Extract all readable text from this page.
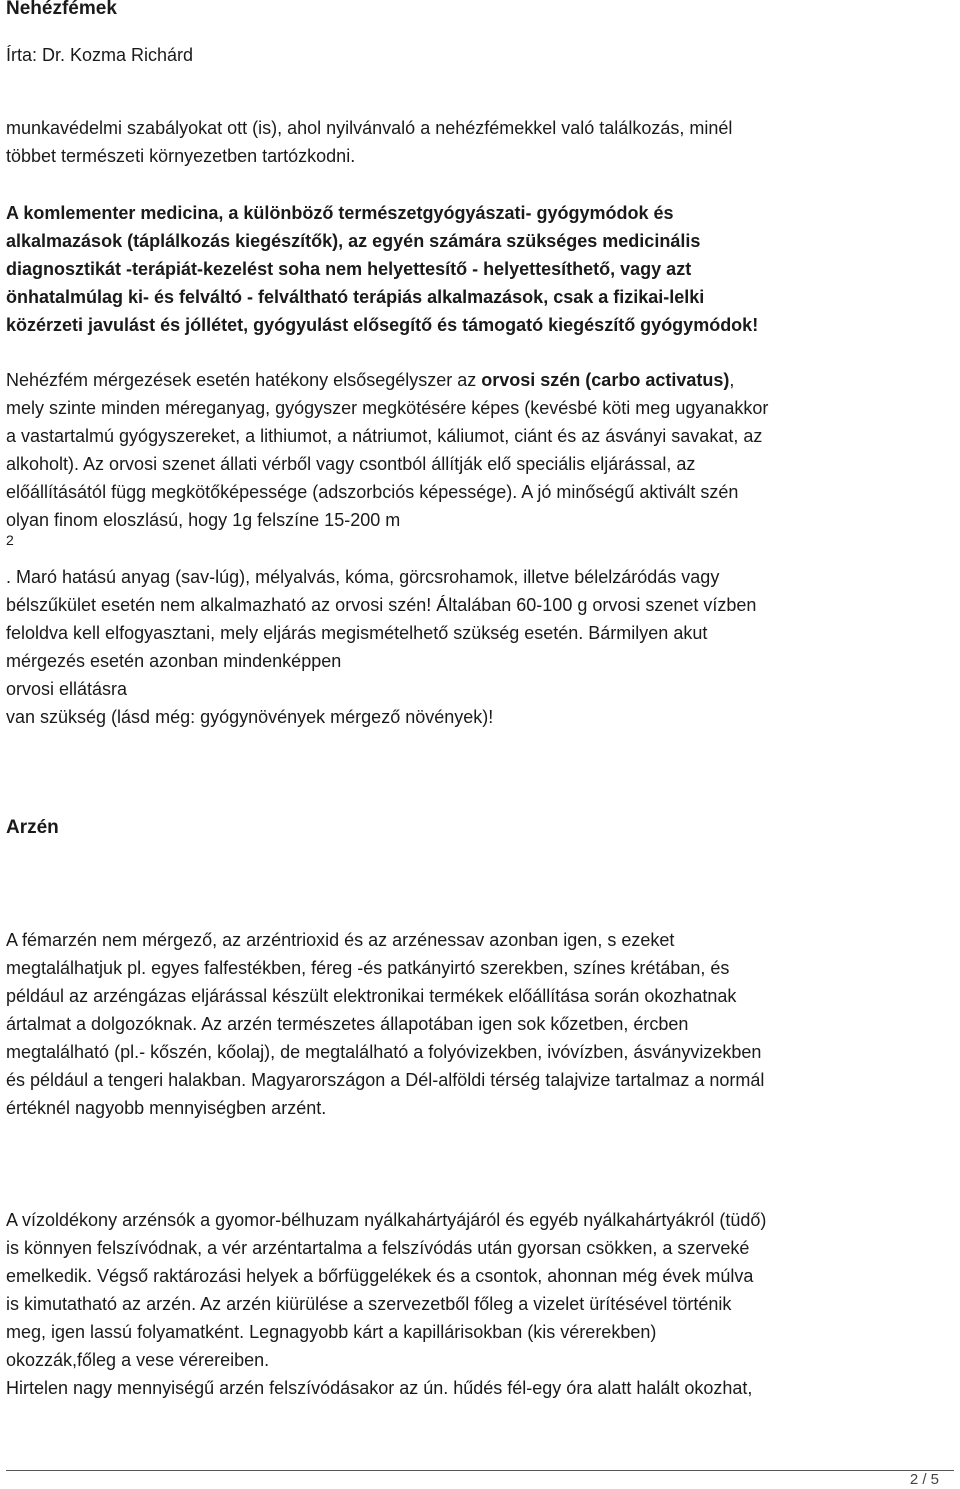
Nehézfémek
Írta: Dr. Kozma Richárd

munkavédelmi szabályokat ott (is), ahol nyilvánvaló a nehézfémekkel való találkozás, minél
többet természeti környezetben tartózkodni.

A komlementer medicina, a különböző természetgyógyászati- gyógymódok és
alkalmazások (táplálkozás kiegészítők), az egyén számára szükséges medicinális
diagnosztikát -terápiát-kezelést soha nem helyettesítő - helyettesíthető, vagy azt
önhatalmúlag ki- és felváltó - felváltható terápiás alkalmazások, csak a fizikai-lelki
közérzeti javulást és jóllétet, gyógyulást elősegítő és támogató kiegészítő gyógymódok!

Nehézfém mérgezések esetén hatékony elsősegélyszer az orvosi szén (carbo activatus),
mely szinte minden méreganyag, gyógyszer megkötésére képes (kevésbé köti meg ugyanakkor
a vastartalmú gyógyszereket, a lithiumot, a nátriumot, káliumot, ciánt és az ásványi savakat, az
alkoholt). Az orvosi szenet állati vérből vagy csontból állítják elő speciális eljárással, az
előállításától függ megkötőképessége (adszorbciós képessége). A jó minőségű aktivált szén
olyan finom eloszlású, hogy 1g felszíne 15-200 m

2

. Maró hatású anyag (sav-lúg), mélyalvás, kóma, görcsrohamok, illetve bélelzáródás vagy
bélszűkület esetén nem alkalmazható az orvosi szén! Általában 60-100 g orvosi szenet vízben
feloldva kell elfogyasztani, mely eljárás megismételhető szükség esetén. Bármilyen akut
mérgezés esetén azonban mindenképpen
orvosi ellátásra
van szükség (lásd még: gyógynövények mérgező növények)!

Arzén

A fémarzén nem mérgező, az arzéntrioxid és az arzénessav azonban igen, s ezeket
megtalálhatjuk pl. egyes falfestékben, féreg -és patkányirtó szerekben, színes krétában, és
például az arzéngázas eljárással készült elektronikai termékek előállítása során okozhatnak
ártalmat a dolgozóknak. Az arzén természetes állapotában igen sok kőzetben, ércben
megtalálható (pl.- kőszén, kőolaj), de megtalálható a folyóvizekben, ivóvízben, ásványvizekben
és például a tengeri halakban. Magyarországon a Dél-alföldi térség talajvize tartalmaz a normál
értéknél nagyobb mennyiségben arzént.

A vízoldékony arzénsók a gyomor-bélhuzam nyálkahártyájáról és egyéb nyálkahártyákról (tüdő)
is könnyen felszívódnak, a vér arzéntartalma a felszívódás után gyorsan csökken, a szerveké
emelkedik. Végső raktározási helyek a bőrfüggelékek és a csontok, ahonnan még évek múlva
is kimutatható az arzén. Az arzén kiürülése a szervezetből főleg a vizelet ürítésével történik
meg, igen lassú folyamatként. Legnagyobb kárt a kapillárisokban (kis vérerekben)
okozzák,főleg a vese vérereiben.
Hirtelen nagy mennyiségű arzén felszívódásakor az ún. hűdés fél-egy óra alatt halált okozhat,

2 / 5
